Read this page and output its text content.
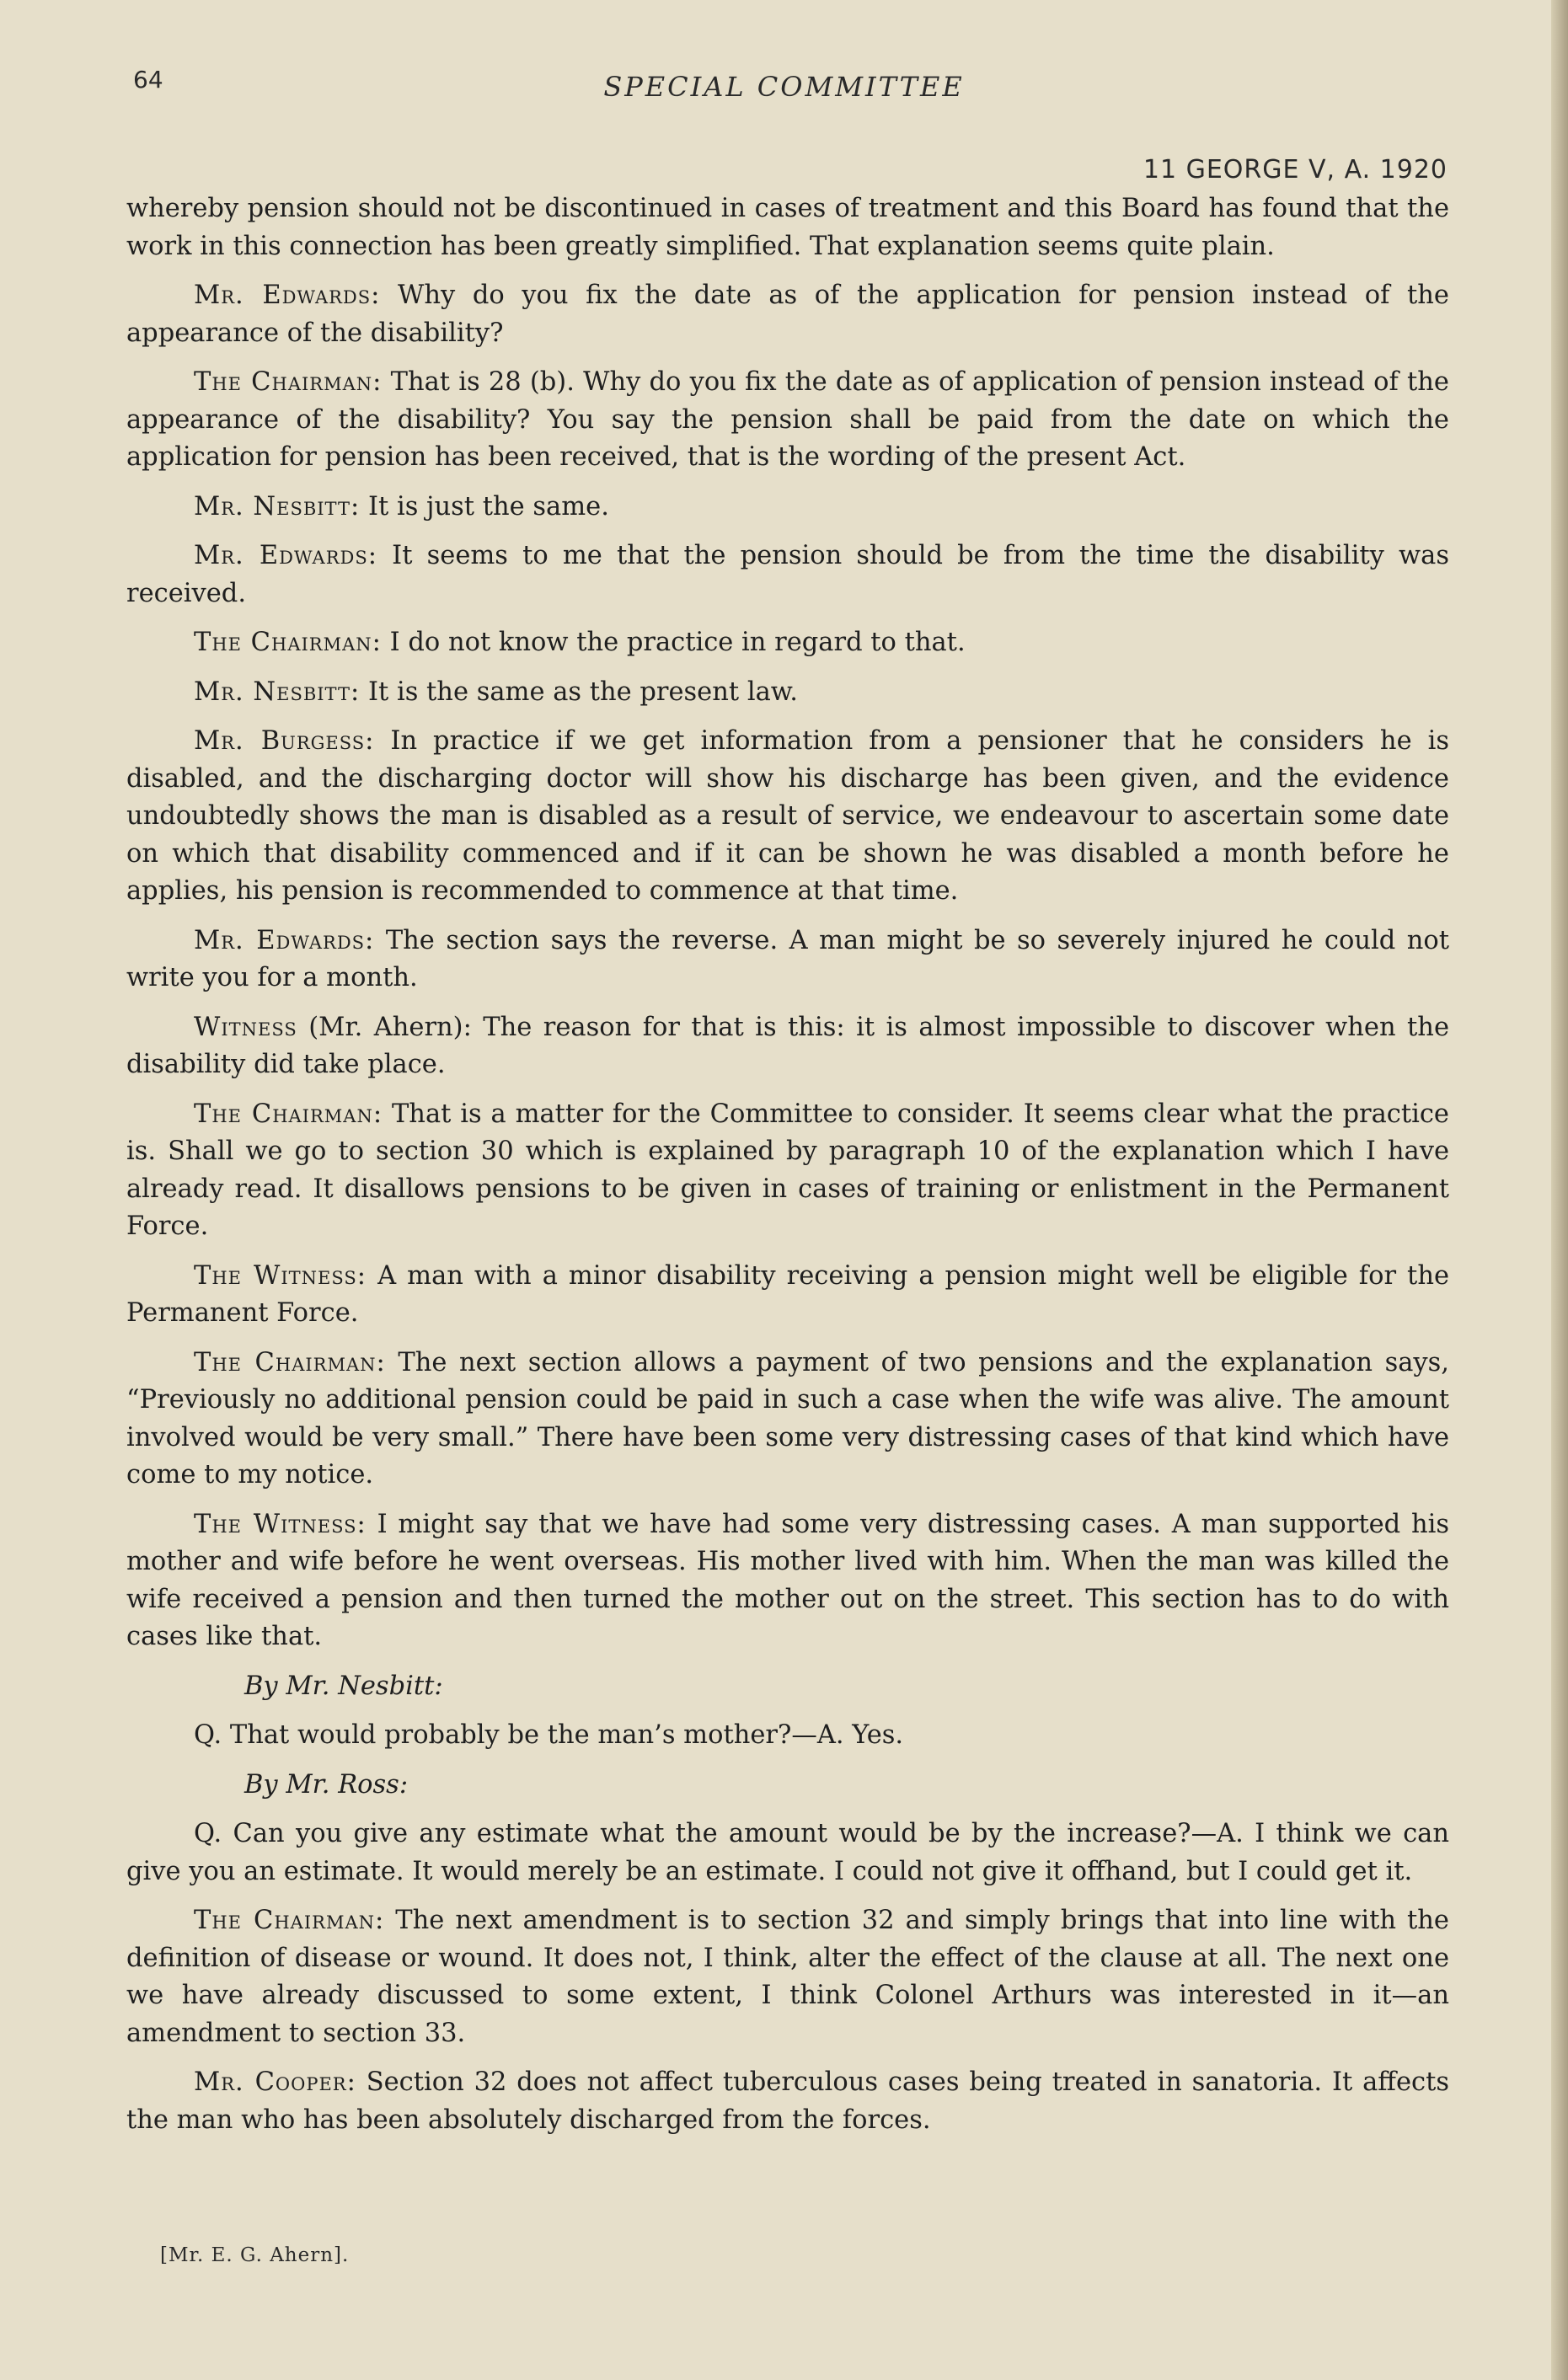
64	SPECIAL COMMITTEE
11 GEORGE V, A. 1920

whereby pension should not be discontinued in cases of treatment and this Board has found that the work in this connection has been greatly simplified. That explanation seems quite plain.

Mr. Edwards: Why do you fix the date as of the application for pension instead of the appearance of the disability?

The Chairman: That is 28 (b). Why do you fix the date as of application of pension instead of the appearance of the disability? You say the pension shall be paid from the date on which the application for pension has been received, that is the wording of the present Act.

Mr. Nesbitt: It is just the same.

Mr. Edwards: It seems to me that the pension should be from the time the disability was received.

The Chairman: I do not know the practice in regard to that.

Mr. Nesbitt: It is the same as the present law.

Mr. Burgess: In practice if we get information from a pensioner that he considers he is disabled, and the discharging doctor will show his discharge has been given, and the evidence undoubtedly shows the man is disabled as a result of service, we endeavour to ascertain some date on which that disability commenced and if it can be shown he was disabled a month before he applies, his pension is recommended to commence at that time.

Mr. Edwards: The section says the reverse. A man might be so severely injured he could not write you for a month.

Witness (Mr. Ahern): The reason for that is this: it is almost impossible to discover when the disability did take place.

The Chairman: That is a matter for the Committee to consider. It seems clear what the practice is. Shall we go to section 30 which is explained by paragraph 10 of the explanation which I have already read. It disallows pensions to be given in cases of training or enlistment in the Permanent Force.

The Witness: A man with a minor disability receiving a pension might well be eligible for the Permanent Force.

The Chairman: The next section allows a payment of two pensions and the explanation says, “Previously no additional pension could be paid in such a case when the wife was alive. The amount involved would be very small.” There have been some very distressing cases of that kind which have come to my notice.

The Witness: I might say that we have had some very distressing cases. A man supported his mother and wife before he went overseas. His mother lived with him. When the man was killed the wife received a pension and then turned the mother out on the street. This section has to do with cases like that.

By Mr. Nesbitt:

Q. That would probably be the man’s mother?—A. Yes.

By Mr. Ross:

Q. Can you give any estimate what the amount would be by the increase?—A. I think we can give you an estimate. It would merely be an estimate. I could not give it offhand, but I could get it.

The Chairman: The next amendment is to section 32 and simply brings that into line with the definition of disease or wound. It does not, I think, alter the effect of the clause at all. The next one we have already discussed to some extent, I think Colonel Arthurs was interested in it—an amendment to section 33.

Mr. Cooper: Section 32 does not affect tuberculous cases being treated in sanatoria. It affects the man who has been absolutely discharged from the forces.

[Mr. E. G. Ahern].
